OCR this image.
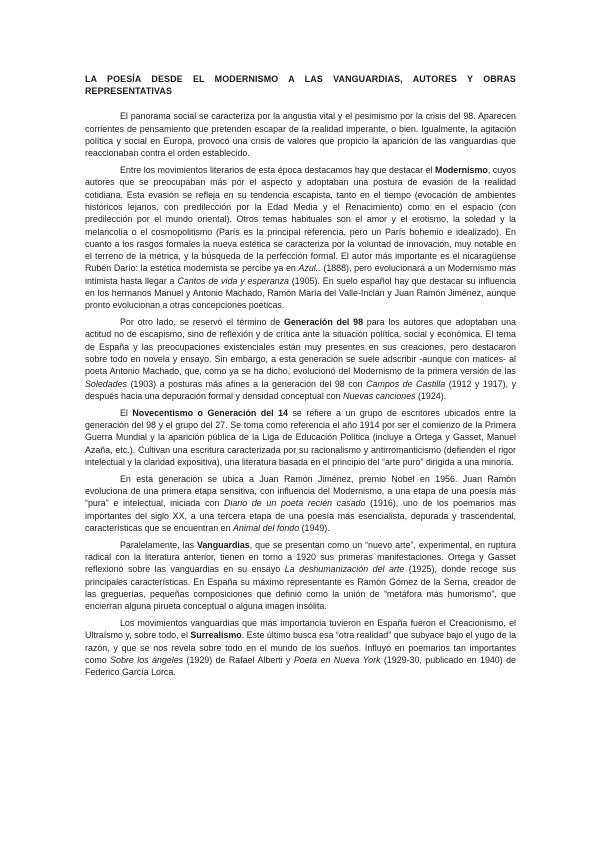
LA POESÍA DESDE EL MODERNISMO A LAS VANGUARDIAS, AUTORES Y OBRAS REPRESENTATIVAS

El panorama social se caracteriza por la angustia vital y el pesimismo por la crisis del 98. Aparecen corrientes de pensamiento que pretenden escapar de la realidad imperante, o bien. Igualmente, la agitación política y social en Europa, provocó una crisis de valores que propicio la aparición de las vanguardias que reaccionaban contra el orden establecido.

Entre los movimientos literarios de esta época destacamos hay que destacar el Modernismo, cuyos autores que se preocupaban más por el aspecto y adoptaban una postura de evasión de la realidad cotidiana. Esta evasión se refleja en su tendencia escapista, tanto en el tiempo (evocación de ambientes históricos lejanos, con predilección por la Edad Media y el Renacimiento) como en el espacio (con predilección por el mundo oriental). Otros temas habituales son el amor y el erotismo, la soledad y la melancolía o el cosmopolitismo (París es la principal referencia, pero un París bohemio e idealizado). En cuanto a los rasgos formales la nueva estética se caracteriza por la voluntad de innovación, muy notable en el terreno de la métrica, y la búsqueda de la perfección formal. El autor más importante es el nicaragüense Rubén Darío: la estética modernista se percibe ya en Azul.. (1888), pero evolucionará a un Modernismo más intimista hasta llegar a Cantos de vida y esperanza (1905). En suelo español hay que destacar su influencia en los hermanos Manuel y Antonio Machado, Ramón María del Valle-Inclán y Juan Ramón Jiménez, aunque pronto evolucionan a otras concepciones poéticas.

Por otro lado, se reservó el término de Generación del 98 para los autores que adoptaban una actitud no de escapismo, sino de reflexión y de crítica ante la situación política, social y económica. El tema de España y las preocupaciones existenciales están muy presentes en sus creaciones, pero destacaron sobre todo en novela y ensayo. Sin embargo, a esta generación se suele adscribir -aunque con matices- al poeta Antonio Machado, que, como ya se ha dicho, evolucionó del Modernismo de la primera versión de las Soledades (1903) a posturas más afines a la generación del 98 con Campos de Castilla (1912 y 1917), y después hacia una depuración formal y densidad conceptual con Nuevas canciones (1924).

El Novecentismo o Generación del 14 se refiere a un grupo de escritores ubicados entre la generación del 98 y el grupo del 27. Se toma como referencia el año 1914 por ser el comienzo de la Primera Guerra Mundial y la aparición pública de la Liga de Educación Política (incluye a Ortega y Gasset, Manuel Azaña, etc.). Cultivan una escritura caracterizada por su racionalismo y antirromanticismo (defienden el rigor intelectual y la claridad expositiva), una literatura basada en el principio del “arte puro” dirigida a una minoría.

En esta generación se ubica a Juan Ramón Jiménez, premio Nobel en 1956. Juan Ramón evoluciona de una primera etapa sensitiva, con influencia del Modernismo, a una etapa de una poesía más “pura” e intelectual, iniciada con Diario de un poeta recién casado (1916), uno de los poemarios más importantes del siglo XX, a una tercera etapa de una poesía más esencialista, depurada y trascendental, características que se encuentran en Animal del fondo (1949).

Paralelamente, las Vanguardias, que se presentan como un “nuevo arte”, experimental, en ruptura radical con la literatura anterior, tienen en torno a 1920 sus primeras manifestaciones. Ortega y Gasset reflexionó sobre las vanguardias en su ensayo La deshumanización del arte (1925), donde recoge sus principales características. En España su máximo representante es Ramón Gómez de la Serna, creador de las greguerías, pequeñas composiciones que definió como la unión de “metáfora más humorismo”, que encierran alguna pirueta conceptual o alguna imagen insólita.

Los movimientos vanguardias que más importancia tuvieron en España fueron el Creacionismo, el Ultraísmo y, sobre todo, el Surrealismo. Este último busca esa “otra realidad” que subyace bajo el yugo de la razón, y que se nos revela sobre todo en el mundo de los sueños. Influyó en poemarios tan importantes como Sobre los ángeles (1929) de Rafael Alberti y Poeta en Nueva York (1929-30, publicado en 1940) de Federico García Lorca.
